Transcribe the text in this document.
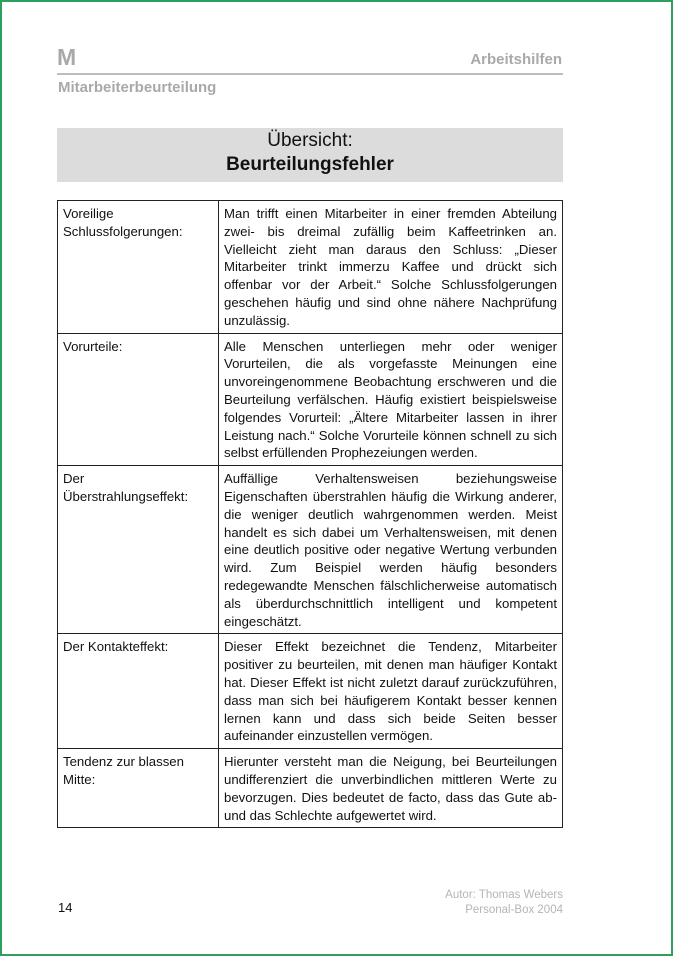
M	Arbeitshilfen
Mitarbeiterbeurteilung
Übersicht:
Beurteilungsfehler
Voreilige Schlussfolgerungen:	Man trifft einen Mitarbeiter in einer fremden Abteilung zwei- bis dreimal zufällig beim Kaffeetrinken an. Vielleicht zieht man daraus den Schluss: „Dieser Mitarbeiter trinkt immerzu Kaffee und drückt sich offenbar vor der Arbeit.“ Solche Schlussfolgerungen geschehen häufig und sind ohne nähere Nachprüfung unzulässig.
Vorurteile:	Alle Menschen unterliegen mehr oder weniger Vorurteilen, die als vorgefasste Meinungen eine unvoreingenommene Beobachtung erschweren und die Beurteilung verfälschen. Häufig existiert beispielsweise folgendes Vorurteil: „Ältere Mitarbeiter lassen in ihrer Leistung nach.“ Solche Vorurteile können schnell zu sich selbst erfüllenden Prophezeiungen werden.
Der Überstrahlungseffekt:	Auffällige Verhaltensweisen beziehungsweise Eigenschaften überstrahlen häufig die Wirkung anderer, die weniger deutlich wahrgenommen werden. Meist handelt es sich dabei um Verhaltensweisen, mit denen eine deutlich positive oder negative Wertung verbunden wird. Zum Beispiel werden häufig besonders redegewandte Menschen fälschlicherweise automatisch als überdurchschnittlich intelligent und kompetent eingeschätzt.
Der Kontakteffekt:	Dieser Effekt bezeichnet die Tendenz, Mitarbeiter positiver zu beurteilen, mit denen man häufiger Kontakt hat. Dieser Effekt ist nicht zuletzt darauf zurückzuführen, dass man sich bei häufigerem Kontakt besser kennen lernen kann und dass sich beide Seiten besser aufeinander einzustellen vermögen.
Tendenz zur blassen Mitte:	Hierunter versteht man die Neigung, bei Beurteilungen undifferenziert die unverbindlichen mittleren Werte zu bevorzugen. Dies bedeutet de facto, dass das Gute ab- und das Schlechte aufgewertet wird.
14
Autor: Thomas Webers
Personal-Box 2004
